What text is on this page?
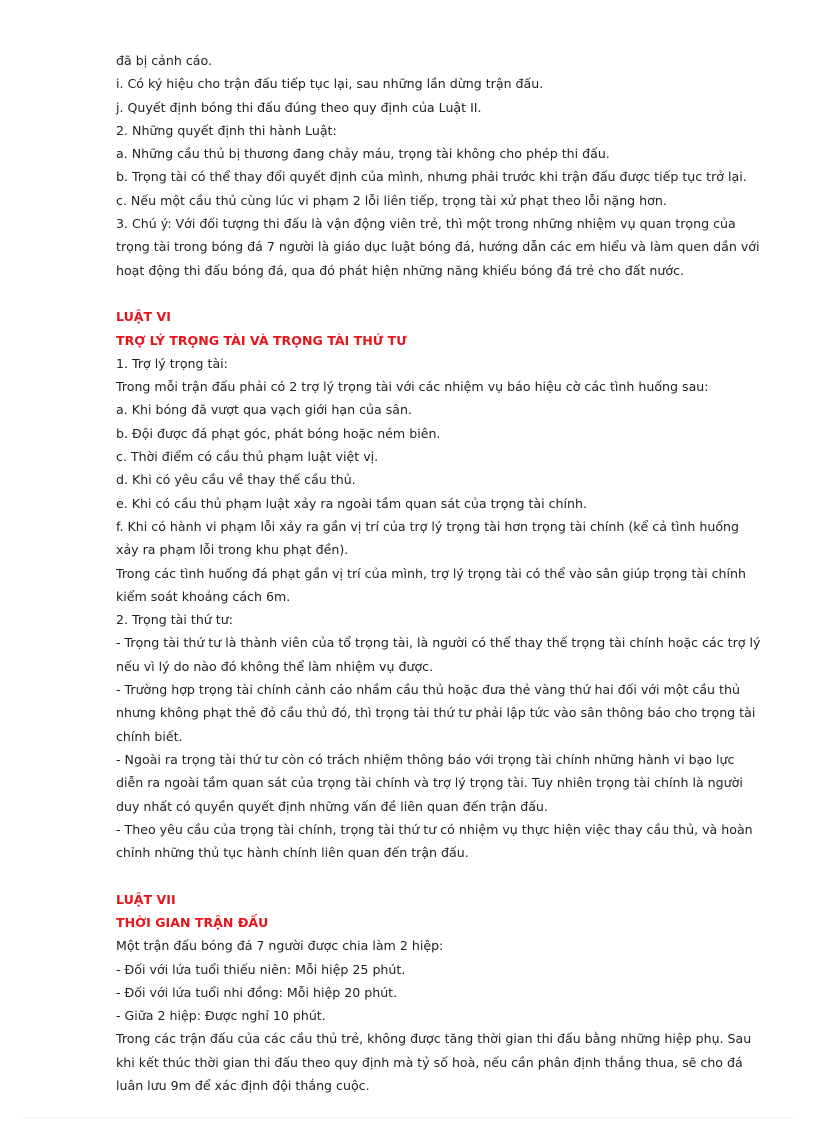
đã bị cảnh cáo.
i. Có ký hiệu cho trận đấu tiếp tục lại, sau những lần dừng trận đấu.
j. Quyết định bóng thi đấu đúng theo quy định của Luật II.
2. Những quyết định thi hành Luật:
a. Những cầu thủ bị thương đang chảy máu, trọng tài không cho phép thi đấu.
b. Trọng tài có thể thay đổi quyết định của mình, nhưng phải trước khi trận đấu được tiếp tục trở lại.
c. Nếu một cầu thủ cùng lúc vi phạm 2 lỗi liên tiếp, trọng tài xử phạt theo lỗi nặng hơn.
3. Chú ý: Với đối tượng thi đấu là vận động viên trẻ, thì một trong những nhiệm vụ quan trọng của
trọng tài trong bóng đá 7 người là giáo dục luật bóng đá, hướng dẫn các em hiểu và làm quen dần với
hoạt động thi đấu bóng đá, qua đó phát hiện những năng khiếu bóng đá trẻ cho đất nước.
LUẬT VI
TRỢ LÝ TRỌNG TÀI VÀ TRỌNG TÀI THỨ TƯ
1. Trợ lý trọng tài:
Trong mỗi trận đấu phải có 2 trợ lý trọng tài với các nhiệm vụ báo hiệu cờ các tình huống sau:
a. Khi bóng đã vượt qua vạch giới hạn của sân.
b. Đội được đá phạt góc, phát bóng hoặc ném biên.
c. Thời điểm có cầu thủ phạm luật việt vị.
d. Khi có yêu cầu về thay thế cầu thủ.
e. Khi có cầu thủ phạm luật xảy ra ngoài tầm quan sát của trọng tài chính.
f. Khi có hành vi phạm lỗi xảy ra gần vị trí của trợ lý trọng tài hơn trọng tài chính (kể cả tình huống
xảy ra phạm lỗi trong khu phạt đền).
Trong các tình huống đá phạt gần vị trí của mình, trợ lý trọng tài có thể vào sân giúp trọng tài chính
kiểm soát khoảng cách 6m.
2. Trọng tài thứ tư:
- Trọng tài thứ tư là thành viên của tổ trọng tài, là người có thể thay thế trọng tài chính hoặc các trợ lý
nếu vì lý do nào đó không thể làm nhiệm vụ được.
- Trường hợp trọng tài chính cảnh cáo nhầm cầu thủ hoặc đưa thẻ vàng thứ hai đối với một cầu thủ
nhưng không phạt thẻ đỏ cầu thủ đó, thì trọng tài thứ tư phải lập tức vào sân thông báo cho trọng tài
chính biết.
- Ngoài ra trọng tài thứ tư còn có trách nhiệm thông báo với trọng tài chính những hành vi bạo lực
diễn ra ngoài tầm quan sát của trọng tài chính và trợ lý trọng tài. Tuy nhiên trọng tài chính là người
duy nhất có quyền quyết định những vấn đề liên quan đến trận đấu.
- Theo yêu cầu của trọng tài chính, trọng tài thứ tư có nhiệm vụ thực hiện việc thay cầu thủ, và hoàn
chỉnh những thủ tục hành chính liên quan đến trận đấu.
LUẬT VII
THỜI GIAN TRẬN ĐẤU
Một trận đấu bóng đá 7 người được chia làm 2 hiệp:
- Đối với lứa tuổi thiếu niên: Mỗi hiệp 25 phút.
- Đối với lứa tuổi nhi đồng: Mỗi hiệp 20 phút.
- Giữa 2 hiệp: Được nghỉ 10 phút.
Trong các trận đấu của các cầu thủ trẻ, không được tăng thời gian thi đấu bằng những hiệp phụ. Sau
khi kết thúc thời gian thi đấu theo quy định mà tỷ số hoà, nếu cần phân định thắng thua, sẽ cho đá
luân lưu 9m để xác định đội thắng cuộc.
